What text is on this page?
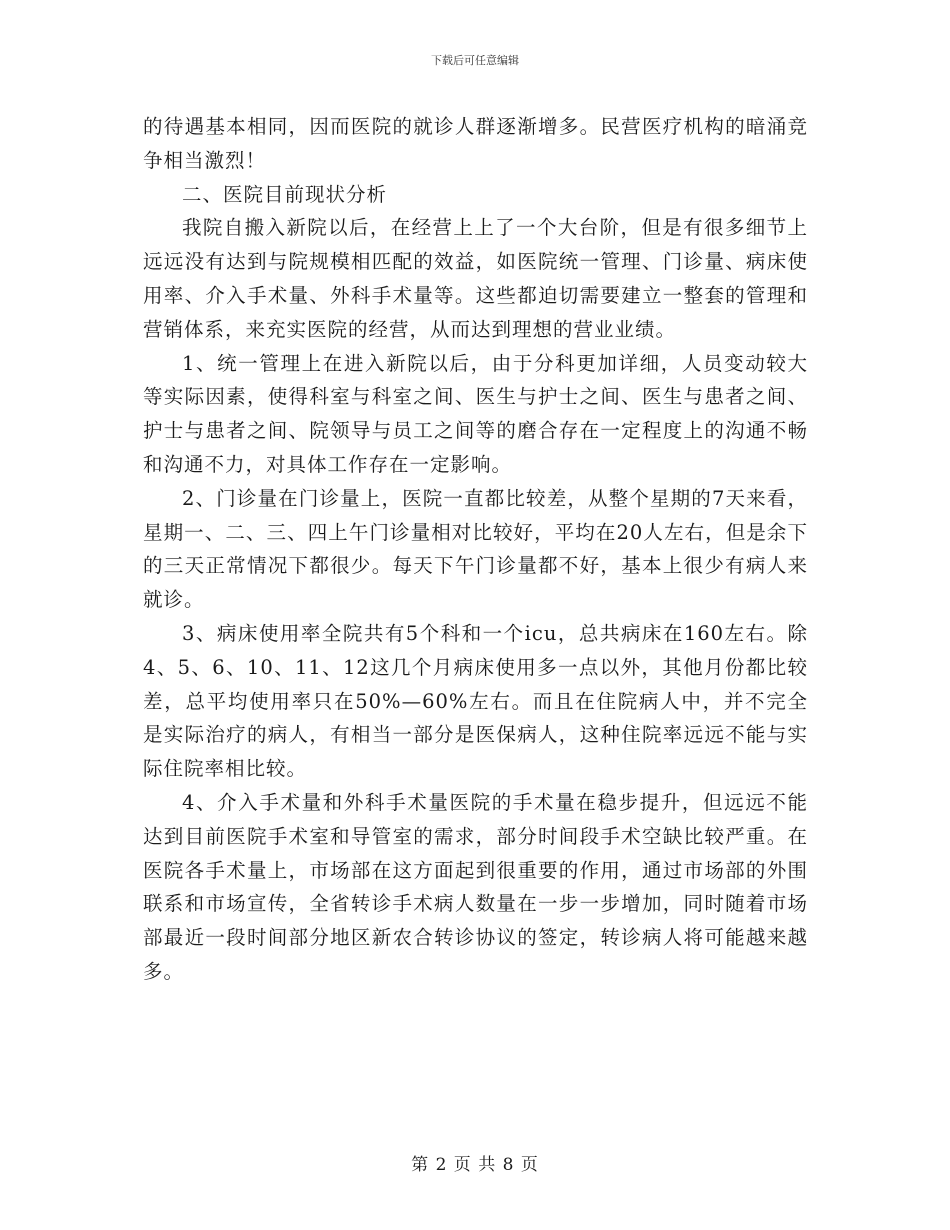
下载后可任意编辑

的待遇基本相同，因而医院的就诊人群逐渐增多。民营医疗机构的暗涌竞争相当激烈！

二、医院目前现状分析

我院自搬入新院以后，在经营上上了一个大台阶，但是有很多细节上远远没有达到与院规模相匹配的效益，如医院统一管理、门诊量、病床使用率、介入手术量、外科手术量等。这些都迫切需要建立一整套的管理和营销体系，来充实医院的经营，从而达到理想的营业业绩。

1、统一管理上在进入新院以后，由于分科更加详细，人员变动较大等实际因素，使得科室与科室之间、医生与护士之间、医生与患者之间、护士与患者之间、院领导与员工之间等的磨合存在一定程度上的沟通不畅和沟通不力，对具体工作存在一定影响。

2、门诊量在门诊量上，医院一直都比较差，从整个星期的7天来看，星期一、二、三、四上午门诊量相对比较好，平均在20人左右，但是余下的三天正常情况下都很少。每天下午门诊量都不好，基本上很少有病人来就诊。

3、病床使用率全院共有5个科和一个icu，总共病床在160左右。除4、5、6、10、11、12这几个月病床使用多一点以外，其他月份都比较差，总平均使用率只在50%—60%左右。而且在住院病人中，并不完全是实际治疗的病人，有相当一部分是医保病人，这种住院率远远不能与实际住院率相比较。

4、介入手术量和外科手术量医院的手术量在稳步提升，但远远不能达到目前医院手术室和导管室的需求，部分时间段手术空缺比较严重。在医院各手术量上，市场部在这方面起到很重要的作用，通过市场部的外围联系和市场宣传，全省转诊手术病人数量在一步一步增加，同时随着市场部最近一段时间部分地区新农合转诊协议的签定，转诊病人将可能越来越多。

第 2 页 共 8 页
